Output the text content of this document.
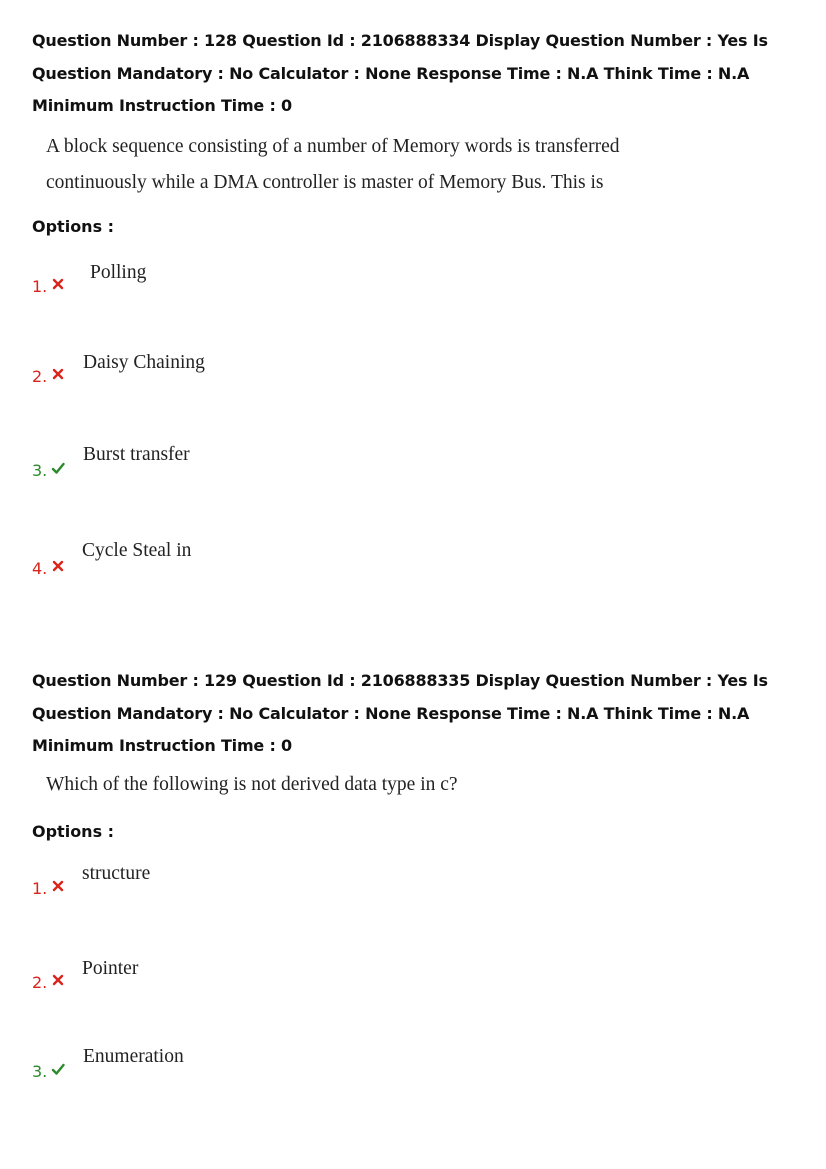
Question Number : 128 Question Id : 2106888334 Display Question Number : Yes Is Question Mandatory : No Calculator : None Response Time : N.A Think Time : N.A Minimum Instruction Time : 0
A block sequence consisting of a number of Memory words is transferred
continuously while a DMA controller is master of Memory Bus. This is
Options :
1.
Polling
2.
Daisy Chaining
3.
Burst transfer
4.
Cycle Steal in
Question Number : 129 Question Id : 2106888335 Display Question Number : Yes Is Question Mandatory : No Calculator : None Response Time : N.A Think Time : N.A Minimum Instruction Time : 0
Which of the following is not derived data type in c?
Options :
1.
structure
2.
Pointer
3.
Enumeration
